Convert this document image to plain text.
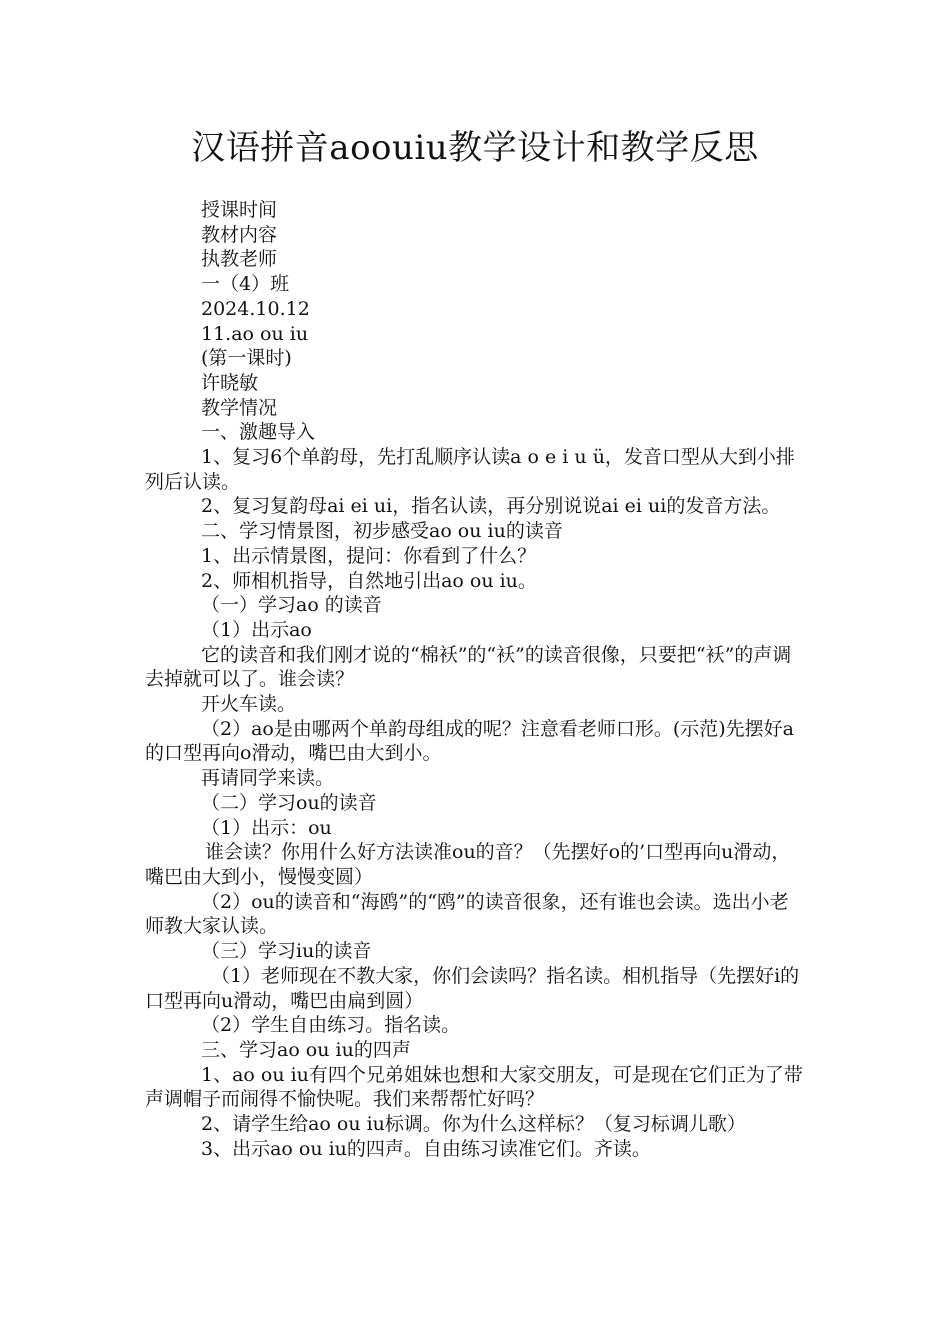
汉语拼音aoouiu教学设计和教学反思

授课时间

教材内容

执教老师

一（4）班

2024.10.12

11.ao ou iu

(第一课时)

许晓敏

教学情况

一、激趣导入

1、复习6个单韵母，先打乱顺序认读a o e i u ü，发音口型从大到小排列后认读。

2、复习复韵母ai ei ui，指名认读，再分别说说ai ei ui的发音方法。

二、学习情景图，初步感受ao ou iu的读音

1、出示情景图，提问：你看到了什么？

2、师相机指导，自然地引出ao ou iu。

（一）学习ao 的读音

（1）出示ao

它的读音和我们刚才说的“棉袄”的“袄”的读音很像，只要把“袄”的声调去掉就可以了。谁会读？

开火车读。

（2）ao是由哪两个单韵母组成的呢？注意看老师口形。(示范)先摆好a的口型再向o滑动，嘴巴由大到小。

再请同学来读。

（二）学习ou的读音

（1）出示：ou

谁会读？你用什么好方法读准ou的音？（先摆好o的’口型再向u滑动，嘴巴由大到小，慢慢变圆）

（2）ou的读音和“海鸥”的“鸥”的读音很象，还有谁也会读。选出小老师教大家认读。

（三）学习iu的读音

（1）老师现在不教大家，你们会读吗？指名读。相机指导（先摆好i的口型再向u滑动，嘴巴由扁到圆）

（2）学生自由练习。指名读。

三、学习ao ou iu的四声

1、ao ou iu有四个兄弟姐妹也想和大家交朋友，可是现在它们正为了带声调帽子而闹得不愉快呢。我们来帮帮忙好吗？

2、请学生给ao ou iu标调。你为什么这样标？（复习标调儿歌）

3、出示ao ou iu的四声。自由练习读准它们。齐读。
